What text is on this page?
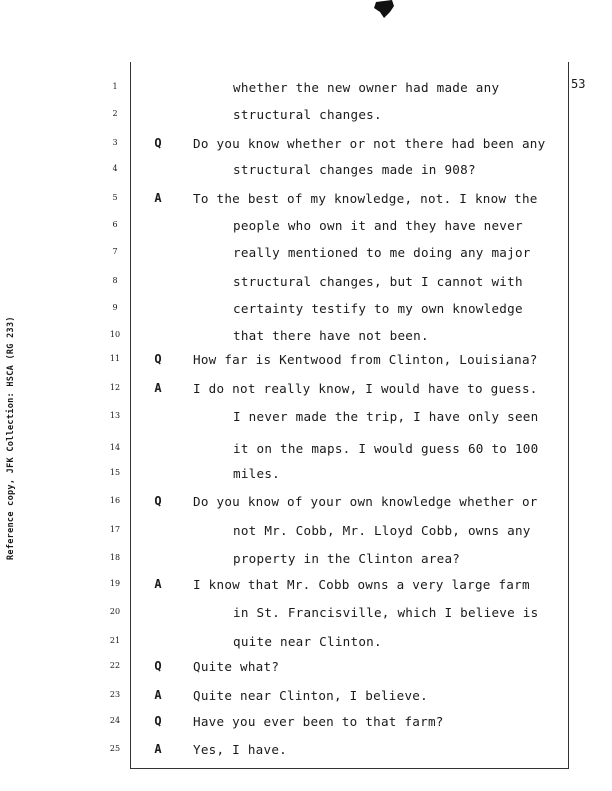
53
Reference copy, JFK Collection: HSCA (RG 233)
1	whether the new owner had made any
2	structural changes.
3	Q	Do you know whether or not there had been any
4	structural changes made in 908?
5	A	To the best of my knowledge, not. I know the
6	people who own it and they have never
7	really mentioned to me doing any major
8	structural changes, but I cannot with
9	certainty testify to my own knowledge
10	that there have not been.
11	Q	How far is Kentwood from Clinton, Louisiana?
12	A	I do not really know, I would have to guess.
13	I never made the trip, I have only seen
14	it on the maps. I would guess 60 to 100
15	miles.
16	Q	Do you know of your own knowledge whether or
17	not Mr. Cobb, Mr. Lloyd Cobb, owns any
18	property in the Clinton area?
19	A	I know that Mr. Cobb owns a very large farm
20	in St. Francisville, which I believe is
21	quite near Clinton.
22	Q	Quite what?
23	A	Quite near Clinton, I believe.
24	Q	Have you ever been to that farm?
25	A	Yes, I have.
